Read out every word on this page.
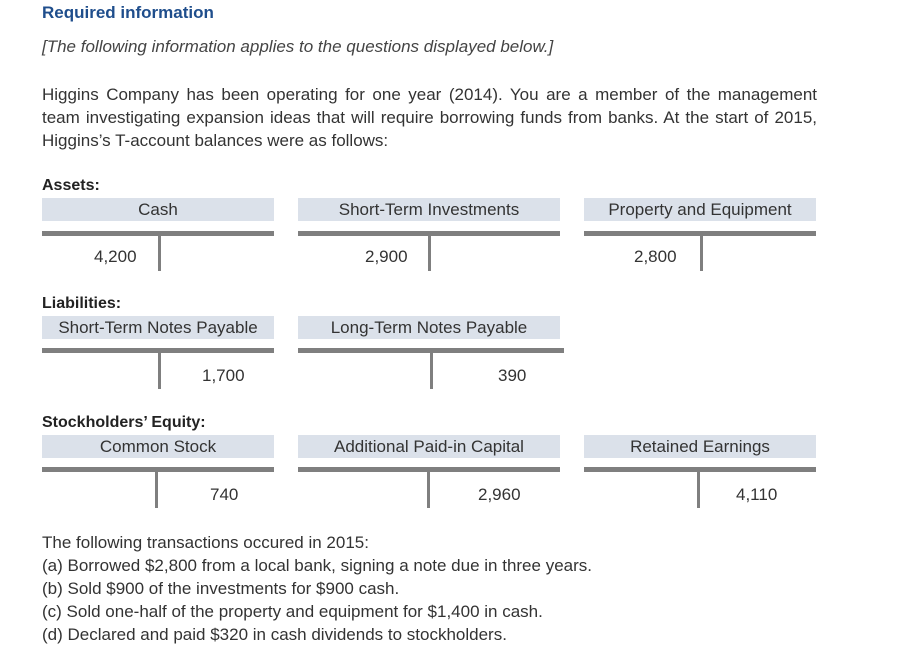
Required information
[The following information applies to the questions displayed below.]
Higgins Company has been operating for one year (2014). You are a member of the management team investigating expansion ideas that will require borrowing funds from banks. At the start of 2015, Higgins’s T-account balances were as follows:
Assets:
Cash
4,200
Short-Term Investments
2,900
Property and Equipment
2,800
Liabilities:
Short-Term Notes Payable
1,700
Long-Term Notes Payable
390
Stockholders’ Equity:
Common Stock
740
Additional Paid-in Capital
2,960
Retained Earnings
4,110
The following transactions occured in 2015:
(a) Borrowed $2,800 from a local bank, signing a note due in three years.
(b) Sold $900 of the investments for $900 cash.
(c) Sold one-half of the property and equipment for $1,400 in cash.
(d) Declared and paid $320 in cash dividends to stockholders.
